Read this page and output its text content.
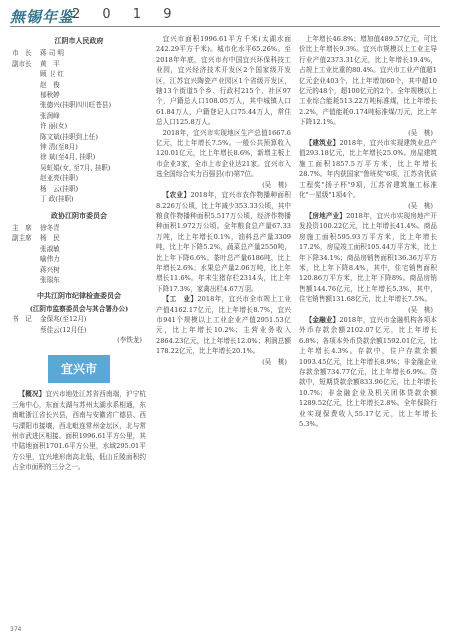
無锡年鉴
2 0 1 9
江阴市人民政府
市　长	蒋 司 明
副市长	黄　平
顾 卫 红
赵　俊
郁秋婷
张德兴(挂职四川旺苍县)
张润峰
许 丽(女)
陈文斌(挂职到上任)
钟 清(至8月)
徐 斌(至4月, 挂职)
吴虹娟(女, 至7月, 挂职)
赵亚亮(挂职)
杨　云(挂职)
丁 政(挂职)
政协江阴市委员会
主　席	徐冬青
副主席	杨　民
张淑敏
喻伟力
蒋兴树
张瑞东
中共江阴市纪律检查委员会
(江阴市监察委员会与其合署办公)
书　记	金保兆(至12月)
蔡佳云(12月任)
(李铁龙)
宜兴市

【概况】宜兴市地处江苏省西南端，沪宁杭三角中心，东面太湖与苏州太湖水系相通，东南毗浙江省长兴县，西南与安徽省广德县、西与溧阳市接壤，西北毗连常州金坛区，北与常州市武进区相接。面积1996.61平方公里，其中陆地面积1701.6平方公里，水域295.01平方公里，宜兴地形南高北低，低山丘陵面积约占全市面积的三分之一。

宜兴市面积1996.61平方千米(太湖水面242.29平方千米)。城市化水平65.26%。至2018年年底，宜兴市有中国宜兴环保科技工业园，宜兴经济技术开发区2个国家级开发区，江苏宜兴陶瓷产业园区1个省级开发区，辖13个街道5个乡、行政村215个、社区97个，户籍总人口108.05万人，其中城镇人口61.84万人，户籍登记人口75.44万人，常住总人口125.8万人。

2018年，宜兴市实现地区生产总值1667.6亿元，比上年增长7.5%。一般公共预算收入120.01亿元，比上年增长8.6%，新增主板上市企业3家，全市上市企业达21家。宜兴市入选全国综合实力百强县(市)第7位。

(吴　桃)

【农业】2018年，宜兴市农作物播种面积8.226万公顷，比上年减少353.33公顷，其中粮食作物播种面积5.517万公顷，经济作物播种面积1.972万公顷。全年粮食总产量67.33万吨，比上年增长0.1%，油料总产量3309吨，比上年下降5.2%，蔬菜总产量2550吨，比上年下降6.6%。茶叶总产量6186吨，比上年增长2.6%；水果总产量2.06万吨，比上年增长11.6%。年末生猪存栏2314头，比上年下降17.3%，家禽出栏4.67万羽。

【工　业】2018年，宜兴市全市规上工业产值4162.17亿元，比上年增长8.7%，宜兴市941个规模以上工业企业产值2951.53亿元，比上年增长10.2%；主营业务收入2864.23亿元，比上年增长12.0%；利润总额178.22亿元，比上年增长20.1%。

(吴　桃)

上年增长46.8%；增加值489.57亿元，可比价比上年增长9.3%。宜兴市规模以上工业主导行业产值2373.31亿元，比上年增长19.4%，占规上工业比重的80.4%。宜兴市工业产值超1亿元企业403个，比上年增加60个，其中超10亿元的48个，超100亿元的2个。全年规模以上工业综合能耗513.22万吨标准煤，比上年增长2.2%，产值能耗0.174吨标准煤/万元，比上年下降12.1%。

(吴　桃)

【建筑业】2018年，宜兴市实现建筑业总产值293.18亿元，比上年增长25.0%。房屋建筑施工面积1857.5万平方米，比上年增长28.7%。年内获国家"鲁班奖"6项，江苏省优质工程奖"扬子杯"9项，江苏省建筑施工标准化"一星级"1项4个。

(吴　桃)

【房地产业】2018年，宜兴市实现房地产开发投资100.22亿元，比上年增长41.4%。商品房施工面积595.93万平方米，比上年增长17.2%，房屋竣工面积105.44万平方米，比上年下降34.1%；商品房销售面积136.36万平方米，比上年下降8.4%，其中，住宅销售面积120.86万平方米，比上年下降8%。商品房销售额144.76亿元，比上年增长5.3%，其中，住宅销售额131.68亿元，比上年增长7.5%。

(吴　桃)

【金融业】2018年，宜兴市金融机构各项本外币存款余额2102.07亿元，比上年增长6.8%；各项本外币贷款余额1592.01亿元，比上年增长4.3%。存款中，住户存款余额1093.45亿元，比上年增长8.9%；非金融企业存款余额734.77亿元，比上年增长6.9%。贷款中，短期贷款余额833.96亿元，比上年增长10.7%；非金融企业及机关团体贷款余额1289.52亿元，比上年增长2.8%。全年保险行业实现保费收入55.17亿元，比上年增长5.3%。

374
